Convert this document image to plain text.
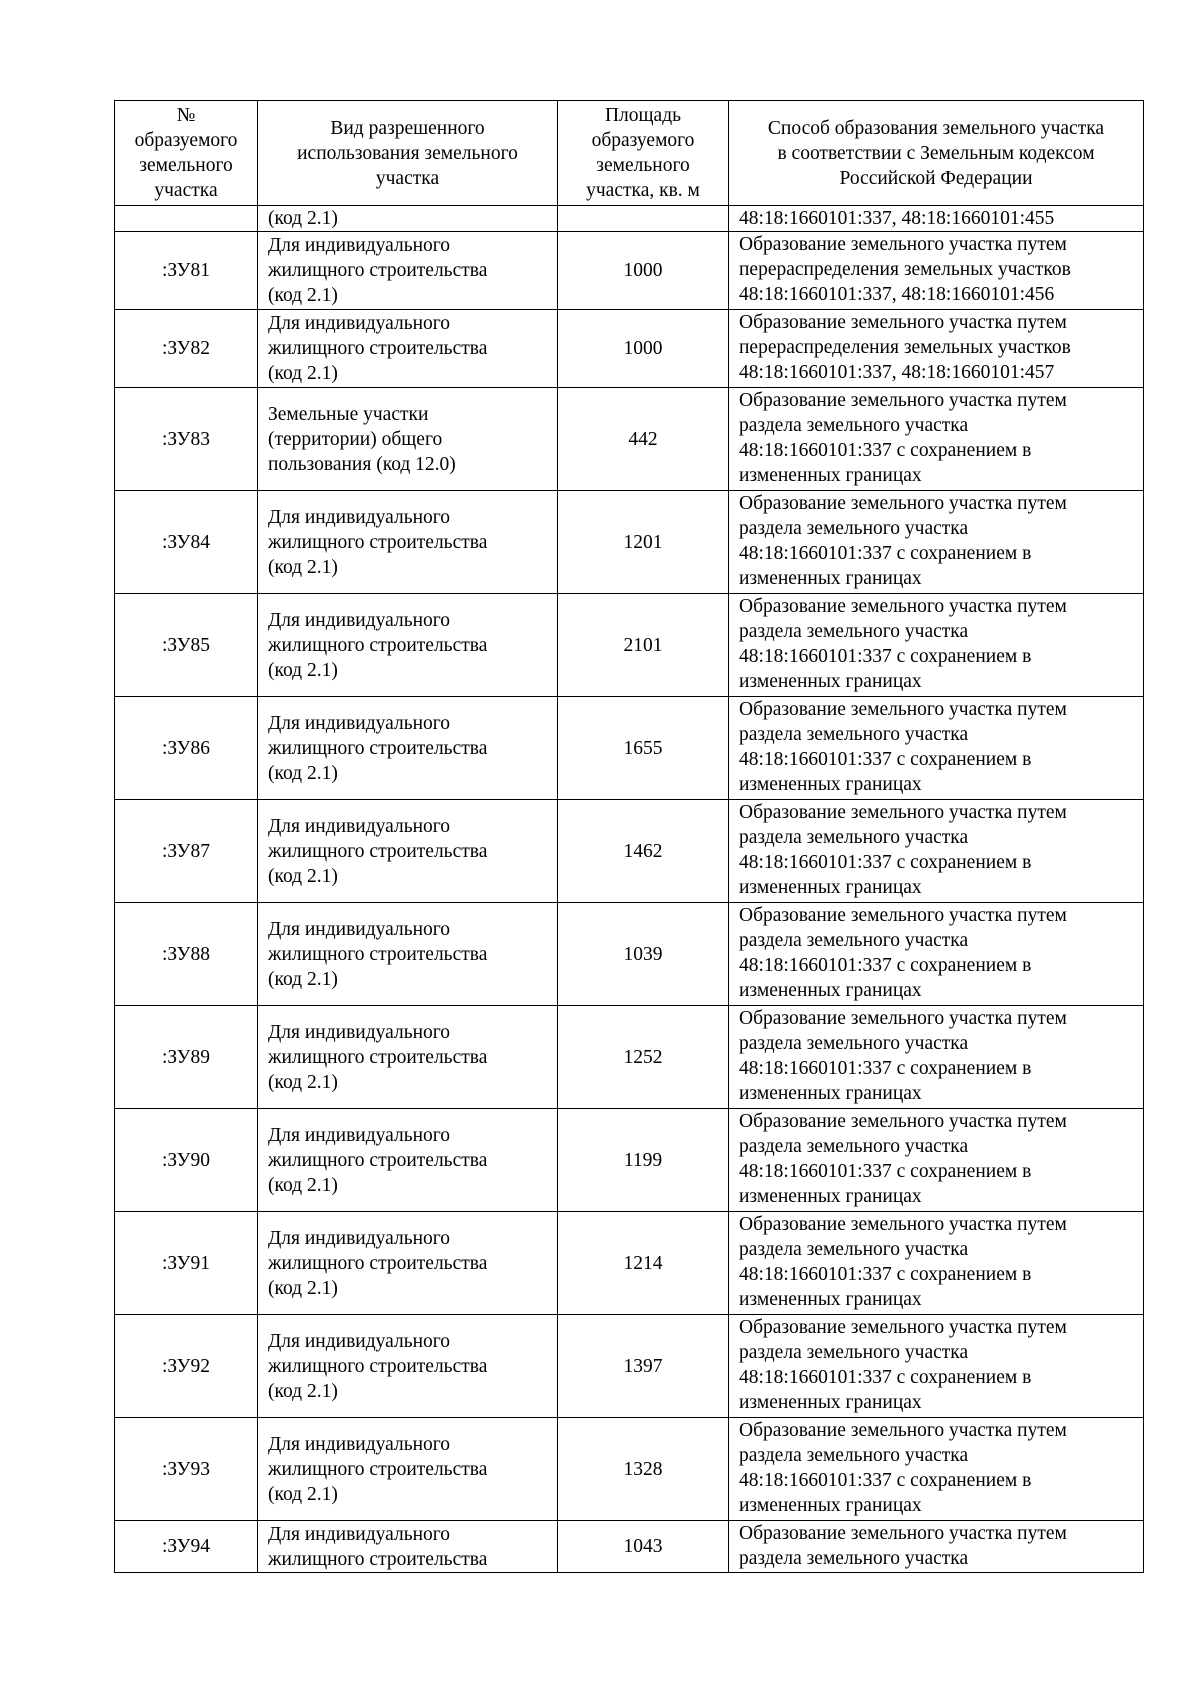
№
образуемого
земельного
участка	Вид разрешенного
использования земельного
участка	Площадь
образуемого
земельного
участка, кв. м	Способ образования земельного участка
в соответствии с Земельным кодексом
Российской Федерации

	(код 2.1)		48:18:1660101:337, 48:18:1660101:455

:ЗУ81	Для индивидуального
жилищного строительства
(код 2.1)	1000	Образование земельного участка путем
перераспределения земельных участков
48:18:1660101:337, 48:18:1660101:456

:ЗУ82	Для индивидуального
жилищного строительства
(код 2.1)	1000	Образование земельного участка путем
перераспределения земельных участков
48:18:1660101:337, 48:18:1660101:457

:ЗУ83	Земельные участки
(территории) общего
пользования (код 12.0)	442	Образование земельного участка путем
раздела земельного участка
48:18:1660101:337 с сохранением в
измененных границах

:ЗУ84	Для индивидуального
жилищного строительства
(код 2.1)	1201	Образование земельного участка путем
раздела земельного участка
48:18:1660101:337 с сохранением в
измененных границах

:ЗУ85	Для индивидуального
жилищного строительства
(код 2.1)	2101	Образование земельного участка путем
раздела земельного участка
48:18:1660101:337 с сохранением в
измененных границах

:ЗУ86	Для индивидуального
жилищного строительства
(код 2.1)	1655	Образование земельного участка путем
раздела земельного участка
48:18:1660101:337 с сохранением в
измененных границах

:ЗУ87	Для индивидуального
жилищного строительства
(код 2.1)	1462	Образование земельного участка путем
раздела земельного участка
48:18:1660101:337 с сохранением в
измененных границах

:ЗУ88	Для индивидуального
жилищного строительства
(код 2.1)	1039	Образование земельного участка путем
раздела земельного участка
48:18:1660101:337 с сохранением в
измененных границах

:ЗУ89	Для индивидуального
жилищного строительства
(код 2.1)	1252	Образование земельного участка путем
раздела земельного участка
48:18:1660101:337 с сохранением в
измененных границах

:ЗУ90	Для индивидуального
жилищного строительства
(код 2.1)	1199	Образование земельного участка путем
раздела земельного участка
48:18:1660101:337 с сохранением в
измененных границах

:ЗУ91	Для индивидуального
жилищного строительства
(код 2.1)	1214	Образование земельного участка путем
раздела земельного участка
48:18:1660101:337 с сохранением в
измененных границах

:ЗУ92	Для индивидуального
жилищного строительства
(код 2.1)	1397	Образование земельного участка путем
раздела земельного участка
48:18:1660101:337 с сохранением в
измененных границах

:ЗУ93	Для индивидуального
жилищного строительства
(код 2.1)	1328	Образование земельного участка путем
раздела земельного участка
48:18:1660101:337 с сохранением в
измененных границах

:ЗУ94	Для индивидуального
жилищного строительства	1043	Образование земельного участка путем
раздела земельного участка
